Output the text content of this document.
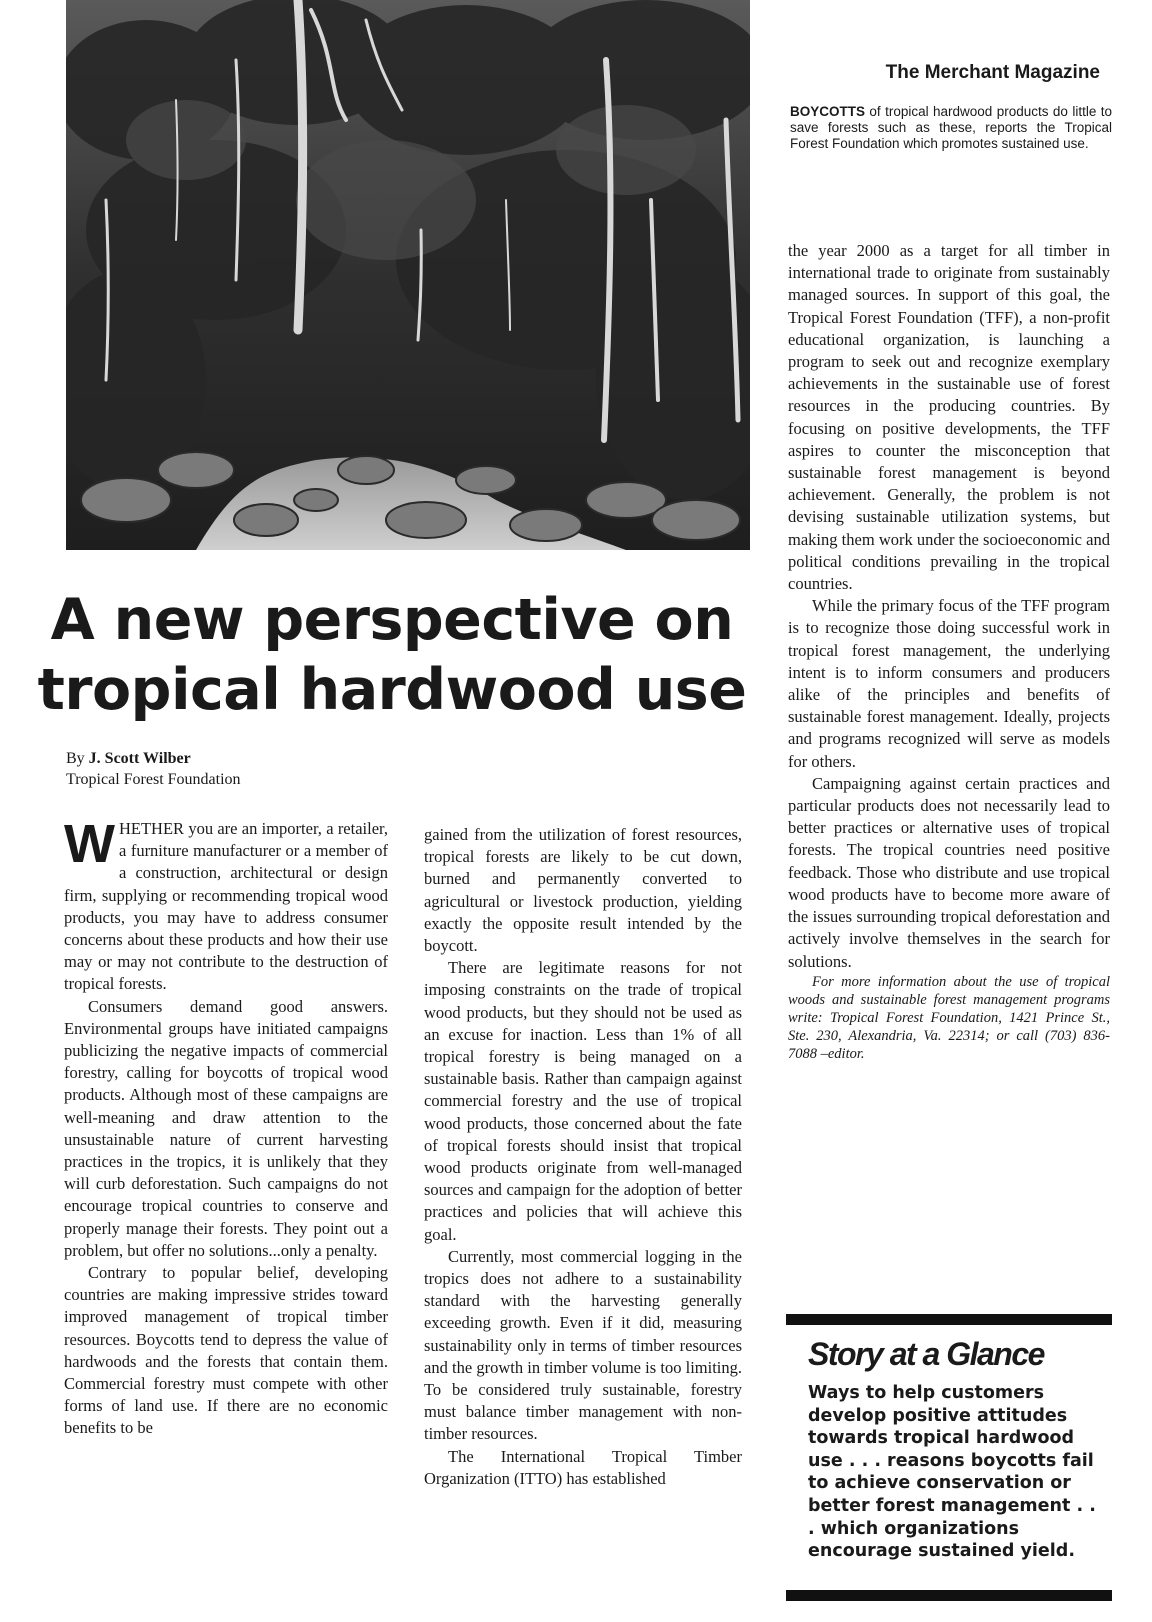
The Merchant Magazine
BOYCOTTS of tropical hardwood products do little to save forests such as these, reports the Tropical Forest Foundation which promotes sustained use.
A new perspective on tropical hardwood use
By J. Scott Wilber
Tropical Forest Foundation

WHETHER you are an importer, a retailer, a furniture manufacturer or a member of a construction, architectural or design firm, supplying or recommending tropical wood products, you may have to address consumer concerns about these products and how their use may or may not contribute to the destruction of tropical forests.

Consumers demand good answers. Environmental groups have initiated campaigns publicizing the negative impacts of commercial forestry, calling for boycotts of tropical wood products. Although most of these campaigns are well-meaning and draw attention to the unsustainable nature of current harvesting practices in the tropics, it is unlikely that they will curb deforestation. Such campaigns do not encourage tropical countries to conserve and properly manage their forests. They point out a problem, but offer no solutions...only a penalty.

Contrary to popular belief, developing countries are making impressive strides toward improved management of tropical timber resources. Boycotts tend to depress the value of hardwoods and the forests that contain them. Commercial forestry must compete with other forms of land use. If there are no economic benefits to be

gained from the utilization of forest resources, tropical forests are likely to be cut down, burned and permanently converted to agricultural or livestock production, yielding exactly the opposite result intended by the boycott.

There are legitimate reasons for not imposing constraints on the trade of tropical wood products, but they should not be used as an excuse for inaction. Less than 1% of all tropical forestry is being managed on a sustainable basis. Rather than campaign against commercial forestry and the use of tropical wood products, those concerned about the fate of tropical forests should insist that tropical wood products originate from well-managed sources and campaign for the adoption of better practices and policies that will achieve this goal.

Currently, most commercial logging in the tropics does not adhere to a sustainability standard with the harvesting generally exceeding growth. Even if it did, measuring sustainability only in terms of timber resources and the growth in timber volume is too limiting. To be considered truly sustainable, forestry must balance timber management with non-timber resources.

The International Tropical Timber Organization (ITTO) has established

the year 2000 as a target for all timber in international trade to originate from sustainably managed sources. In support of this goal, the Tropical Forest Foundation (TFF), a non-profit educational organization, is launching a program to seek out and recognize exemplary achievements in the sustainable use of forest resources in the producing countries. By focusing on positive developments, the TFF aspires to counter the misconception that sustainable forest management is beyond achievement. Generally, the problem is not devising sustainable utilization systems, but making them work under the socioeconomic and political conditions prevailing in the tropical countries.

While the primary focus of the TFF program is to recognize those doing successful work in tropical forest management, the underlying intent is to inform consumers and producers alike of the principles and benefits of sustainable forest management. Ideally, projects and programs recognized will serve as models for others.

Campaigning against certain practices and particular products does not necessarily lead to better practices or alternative uses of tropical forests. The tropical countries need positive feedback. Those who distribute and use tropical wood products have to become more aware of the issues surrounding tropical deforestation and actively involve themselves in the search for solutions.

For more information about the use of tropical woods and sustainable forest management programs write: Tropical Forest Foundation, 1421 Prince St., Ste. 230, Alexandria, Va. 22314; or call (703) 836-7088 –editor.

Story at a Glance
Ways to help customers develop positive attitudes towards tropical hardwood use . . . reasons boycotts fail to achieve conservation or better forest management . . . which organizations encourage sustained yield.
